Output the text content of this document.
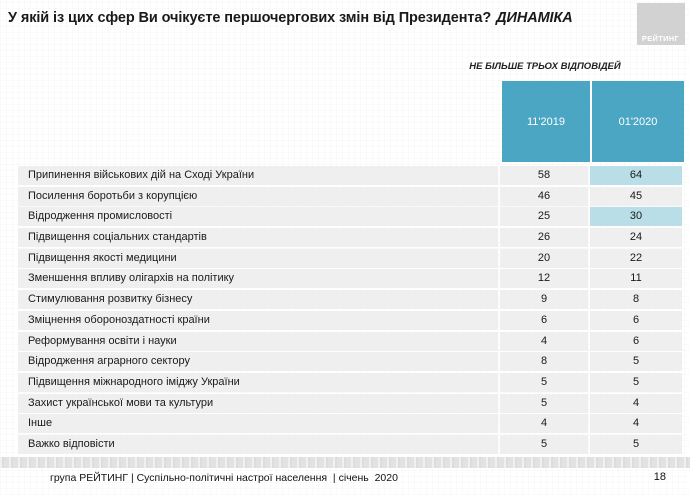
У якій із цих сфер Ви очікуєте першочергових змін від Президента? ДИНАМІКА
РЕЙТИНГ
НЕ БІЛЬШЕ ТРЬОХ ВІДПОВІДЕЙ
11'2019	01'2020
Припинення військових дій на Сході України	58	64
Посилення боротьби з корупцією	46	45
Відродження промисловості	25	30
Підвищення соціальних стандартів	26	24
Підвищення якості медицини	20	22
Зменшення впливу олігархів на політику	12	11
Стимулювання розвитку бізнесу	9	8
Зміцнення обороноздатності країни	6	6
Реформування освіти і науки	4	6
Відродження аграрного сектору	8	5
Підвищення міжнародного іміджу України	5	5
Захист української мови та культури	5	4
Інше	4	4
Важко відповісти	5	5
група РЕЙТИНГ | Суспільно-політичні настрої населення  | січень  2020	18
